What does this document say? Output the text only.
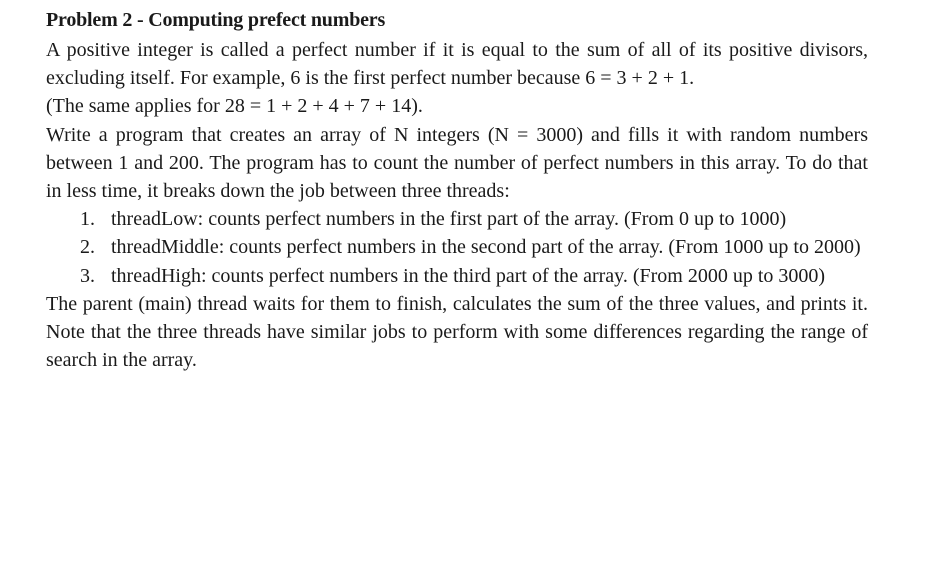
Problem 2 - Computing prefect numbers

A positive integer is called a perfect number if it is equal to the sum of all of its positive divisors, excluding itself. For example, 6 is the first perfect number because 6 = 3 + 2 + 1.

(The same applies for 28 = 1 + 2 + 4 + 7 + 14).

Write a program that creates an array of N integers (N = 3000) and fills it with random numbers between 1 and 200. The program has to count the number of perfect numbers in this array. To do that in less time, it breaks down the job between three threads:

1. threadLow: counts perfect numbers in the first part of the array. (From 0 up to 1000)
2. threadMiddle: counts perfect numbers in the second part of the array. (From 1000 up to 2000)
3. threadHigh: counts perfect numbers in the third part of the array. (From 2000 up to 3000)

The parent (main) thread waits for them to finish, calculates the sum of the three values, and prints it. Note that the three threads have similar jobs to perform with some differences regarding the range of search in the array.
